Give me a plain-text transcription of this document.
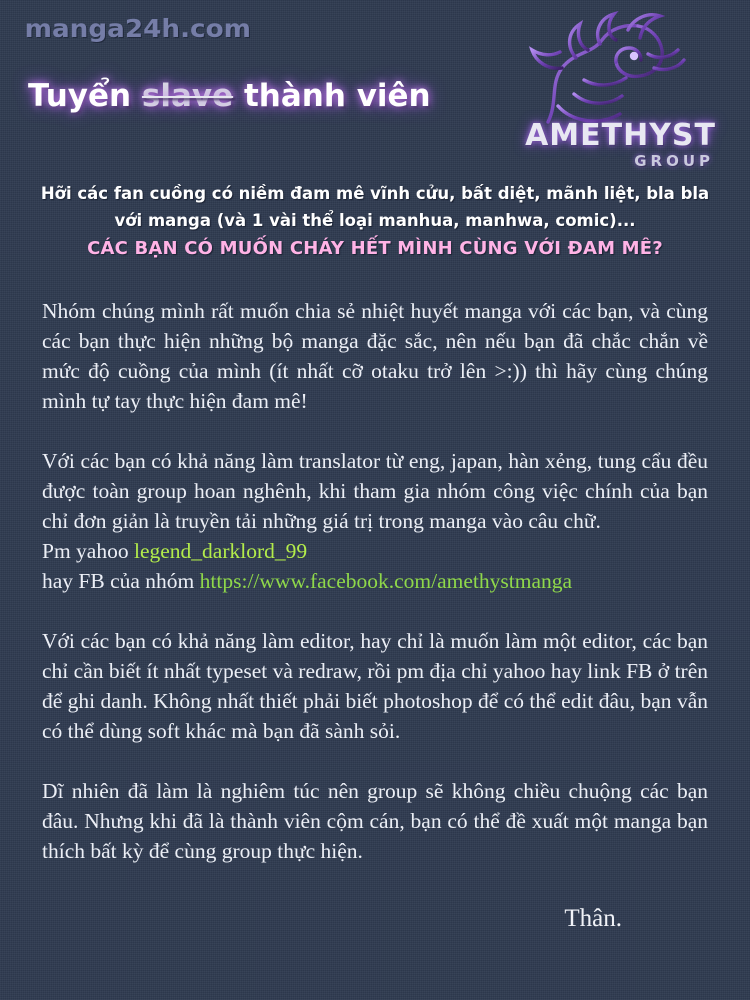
manga24h.com
AMETHYST
GROUP
Tuyển slave thành viên
Hỡi các fan cuồng có niềm đam mê vĩnh cửu, bất diệt, mãnh liệt, bla bla
với manga (và 1 vài thể loại manhua, manhwa, comic)...
CÁC BẠN CÓ MUỐN CHÁY HẾT MÌNH CÙNG VỚI ĐAM MÊ?

Nhóm chúng mình rất muốn chia sẻ nhiệt huyết manga với các bạn, và cùng các bạn thực hiện những bộ manga đặc sắc, nên nếu bạn đã chắc chắn về mức độ cuồng của mình (ít nhất cỡ otaku trở lên >:)) thì hãy cùng chúng mình tự tay thực hiện đam mê!

Với các bạn có khả năng làm translator từ eng, japan, hàn xẻng, tung cẩu đều được toàn group hoan nghênh, khi tham gia nhóm công việc chính của bạn chỉ đơn giản là truyền tải những giá trị trong manga vào câu chữ.
Pm yahoo legend_darklord_99
hay FB của nhóm https://www.facebook.com/amethystmanga

Với các bạn có khả năng làm editor, hay chỉ là muốn làm một editor, các bạn chỉ cần biết ít nhất typeset và redraw, rồi pm địa chỉ yahoo hay link FB ở trên để ghi danh. Không nhất thiết phải biết photoshop để có thể edit đâu, bạn vẫn có thể dùng soft khác mà bạn đã sành sỏi.

Dĩ nhiên đã làm là nghiêm túc nên group sẽ không chiều chuộng các bạn đâu. Nhưng khi đã là thành viên cộm cán, bạn có thể đề xuất một manga bạn thích bất kỳ để cùng group thực hiện.

Thân.
